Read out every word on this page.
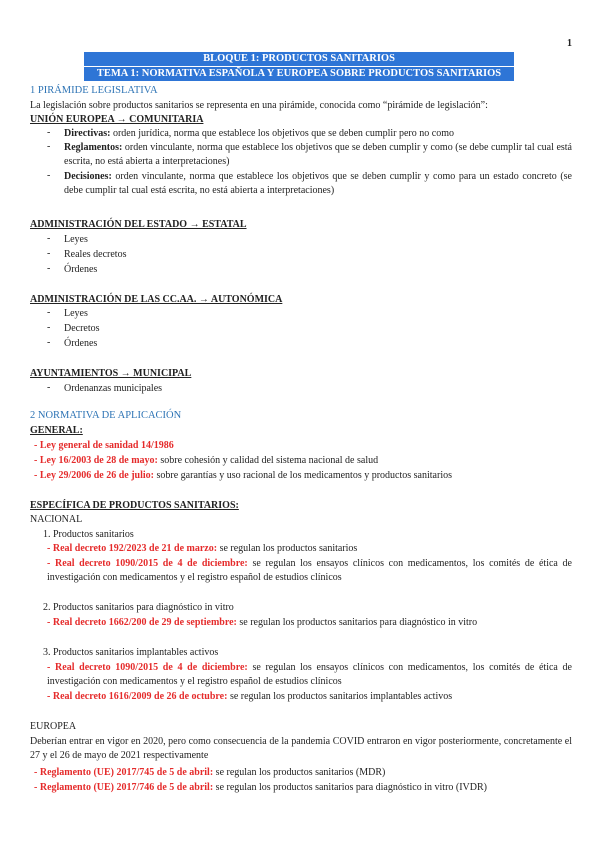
1
BLOQUE 1: PRODUCTOS SANITARIOS
TEMA 1: NORMATIVA ESPAÑOLA Y EUROPEA SOBRE PRODUCTOS SANITARIOS
1 PIRÁMIDE LEGISLATIVA
La legislación sobre productos sanitarios se representa en una pirámide, conocida como “pirámide de legislación”:
UNIÓN EUROPEA → COMUNITARIA
- Directivas: orden jurídica, norma que establece los objetivos que se deben cumplir pero no como
- Reglamentos: orden vinculante, norma que establece los objetivos que se deben cumplir y como (se debe cumplir tal cual está escrita, no está abierta a interpretaciones)
- Decisiones: orden vinculante, norma que establece los objetivos que se deben cumplir y como para un estado concreto (se debe cumplir tal cual está escrita, no está abierta a interpretaciones)
ADMINISTRACIÓN DEL ESTADO → ESTATAL
- Leyes
- Reales decretos
- Órdenes
ADMINISTRACIÓN DE LAS CC.AA. → AUTONÓMICA
- Leyes
- Decretos
- Órdenes
AYUNTAMIENTOS → MUNICIPAL
- Ordenanzas municipales
2 NORMATIVA DE APLICACIÓN
GENERAL:
- Ley general de sanidad 14/1986
- Ley 16/2003 de 28 de mayo: sobre cohesión y calidad del sistema nacional de salud
- Ley 29/2006 de 26 de julio: sobre garantías y uso racional de los medicamentos y productos sanitarios
ESPECÍFICA DE PRODUCTOS SANITARIOS:
NACIONAL
1. Productos sanitarios
- Real decreto 192/2023 de 21 de marzo: se regulan los productos sanitarios
- Real decreto 1090/2015 de 4 de diciembre: se regulan los ensayos clínicos con medicamentos, los comités de ética de investigación con medicamentos y el registro español de estudios clínicos
2. Productos sanitarios para diagnóstico in vitro
- Real decreto 1662/200 de 29 de septiembre: se regulan los productos sanitarios para diagnóstico in vitro
3. Productos sanitarios implantables activos
- Real decreto 1090/2015 de 4 de diciembre: se regulan los ensayos clínicos con medicamentos, los comités de ética de investigación con medicamentos y el registro español de estudios clínicos
- Real decreto 1616/2009 de 26 de octubre: se regulan los productos sanitarios implantables activos
EUROPEA
Deberían entrar en vigor en 2020, pero como consecuencia de la pandemia COVID entraron en vigor posteriormente, concretamente el 27 y el 26 de mayo de 2021 respectivamente
- Reglamento (UE) 2017/745 de 5 de abril: se regulan los productos sanitarios (MDR)
- Reglamento (UE) 2017/746 de 5 de abril: se regulan los productos sanitarios para diagnóstico in vitro (IVDR)
